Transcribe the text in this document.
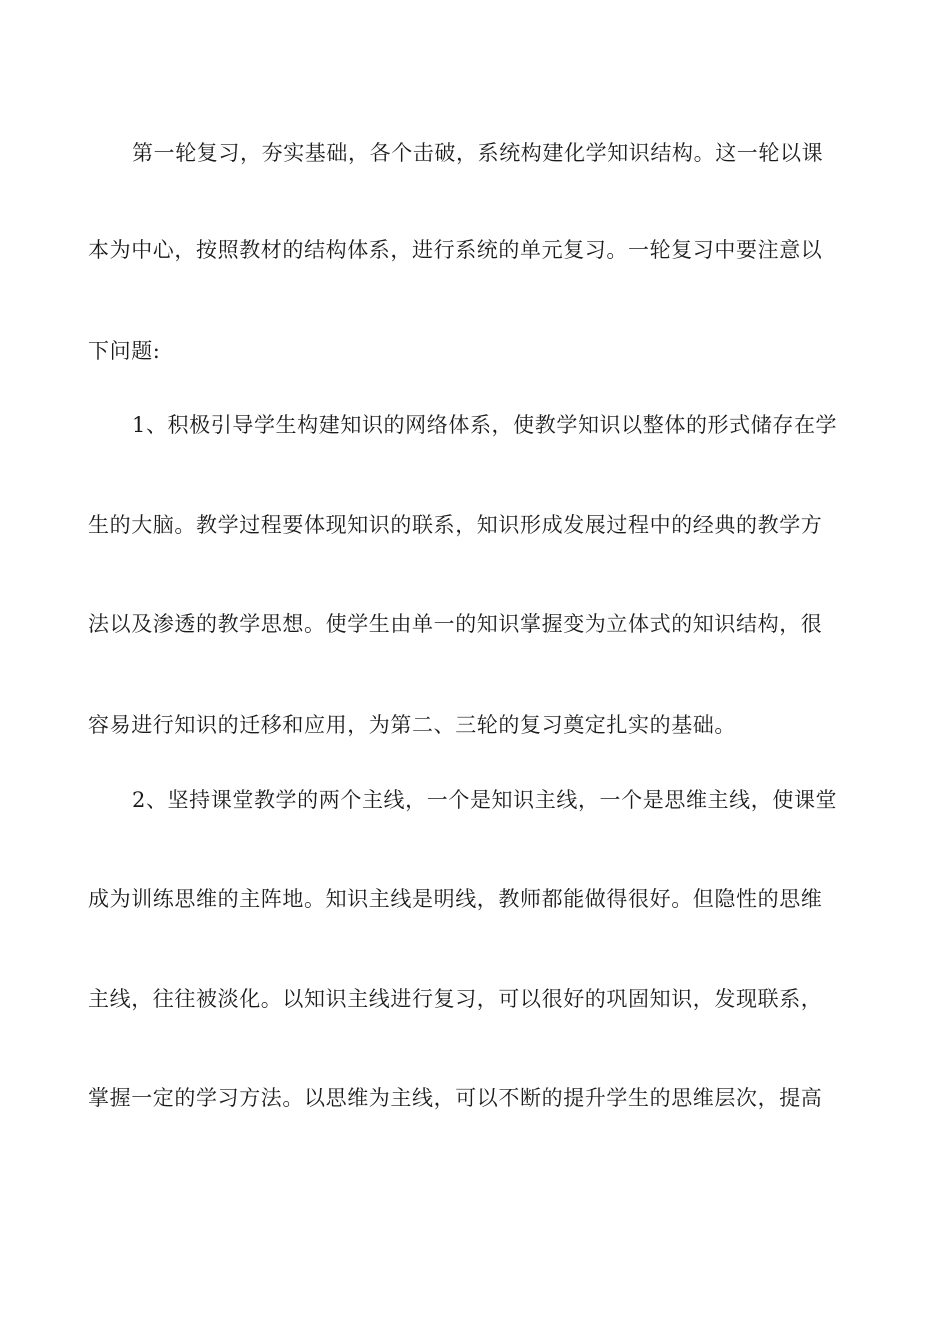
第一轮复习，夯实基础，各个击破，系统构建化学知识结构。这一轮以课
本为中心，按照教材的结构体系，进行系统的单元复习。一轮复习中要注意以
下问题:
1、积极引导学生构建知识的网络体系，使教学知识以整体的形式储存在学
生的大脑。教学过程要体现知识的联系，知识形成发展过程中的经典的教学方
法以及渗透的教学思想。使学生由单一的知识掌握变为立体式的知识结构，很
容易进行知识的迁移和应用，为第二、三轮的复习奠定扎实的基础。
2、坚持课堂教学的两个主线，一个是知识主线，一个是思维主线，使课堂
成为训练思维的主阵地。知识主线是明线，教师都能做得很好。但隐性的思维
主线，往往被淡化。以知识主线进行复习，可以很好的巩固知识，发现联系，
掌握一定的学习方法。以思维为主线，可以不断的提升学生的思维层次，提高
